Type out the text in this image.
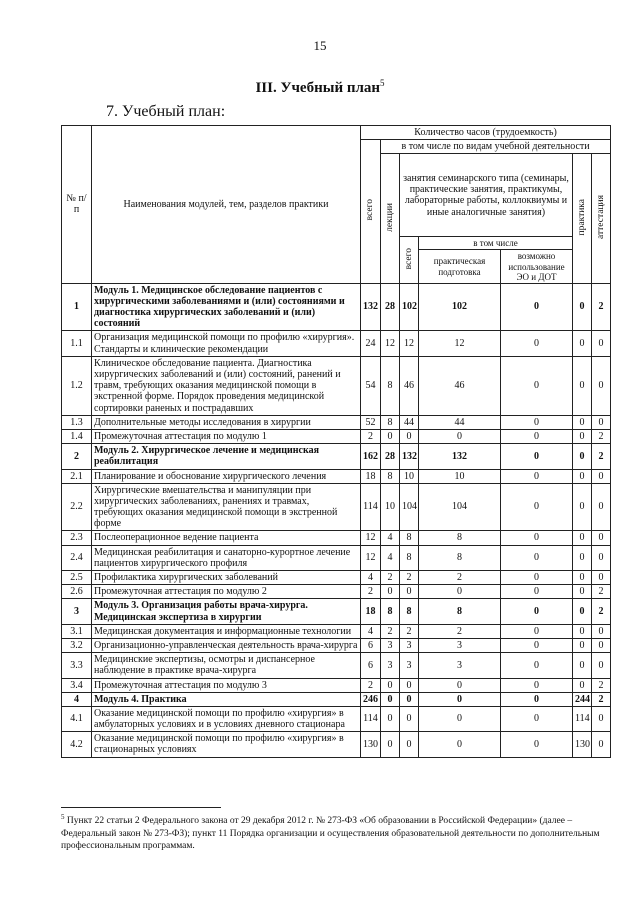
15
III. Учебный план$^5$
7. Учебный план:
№ п/п	Наименования модулей, тем, разделов практики	Количество часов (трудоемкость)						
		всего	в том числе по видам учебной деятельности					
			лекции	занятия семинарского типа (семинары, практические занятия, практикумы, лабораторные работы, коллоквиумы и иные аналогичные занятия)			практика	аттестация
				всего	в том числе			
					практическая подготовка	возможно использование ЭО и ДОТ		
1	Модуль 1. Медицинское обследование пациентов с хирургическими заболеваниями и (или) состояниями и диагностика хирургических заболеваний и (или) состояний	132	28	102	102	0	0	2
1.1	Организация медицинской помощи по профилю «хирургия». Стандарты и клинические рекомендации	24	12	12	12	0	0	0
1.2	Клиническое обследование пациента. Диагностика хирургических заболеваний и (или) состояний, ранений и травм, требующих оказания медицинской помощи в экстренной форме. Порядок проведения медицинской сортировки раненых и пострадавших	54	8	46	46	0	0	0
1.3	Дополнительные методы исследования в хирургии	52	8	44	44	0	0	0
1.4	Промежуточная аттестация по модулю 1	2	0	0	0	0	0	2
2	Модуль 2. Хирургическое лечение и медицинская реабилитация	162	28	132	132	0	0	2
2.1	Планирование и обоснование хирургического лечения	18	8	10	10	0	0	0
2.2	Хирургические вмешательства и манипуляции при хирургических заболеваниях, ранениях и травмах, требующих оказания медицинской помощи в экстренной форме	114	10	104	104	0	0	0
2.3	Послеоперационное ведение пациента	12	4	8	8	0	0	0
2.4	Медицинская реабилитация и санаторно-курортное лечение пациентов хирургического профиля	12	4	8	8	0	0	0
2.5	Профилактика хирургических заболеваний	4	2	2	2	0	0	0
2.6	Промежуточная аттестация по модулю 2	2	0	0	0	0	0	2
3	Модуль 3. Организация работы врача-хирурга. Медицинская экспертиза в хирургии	18	8	8	8	0	0	2
3.1	Медицинская документация и информационные технологии	4	2	2	2	0	0	0
3.2	Организационно-управленческая деятельность врача-хирурга	6	3	3	3	0	0	0
3.3	Медицинские экспертизы, осмотры и диспансерное наблюдение в практике врача-хирурга	6	3	3	3	0	0	0
3.4	Промежуточная аттестация по модулю 3	2	0	0	0	0	0	2
4	Модуль 4. Практика	246	0	0	0	0	244	2
4.1	Оказание медицинской помощи по профилю «хирургия» в амбулаторных условиях и в условиях дневного стационара	114	0	0	0	0	114	0
4.2	Оказание медицинской помощи по профилю «хирургия» в стационарных условиях	130	0	0	0	0	130	0
$^5$ Пункт 22 статьи 2 Федерального закона от 29 декабря 2012 г. № 273-ФЗ «Об образовании в Российской Федерации» (далее – Федеральный закон № 273-ФЗ); пункт 11 Порядка организации и осуществления образовательной деятельности по дополнительным профессиональным программам.
